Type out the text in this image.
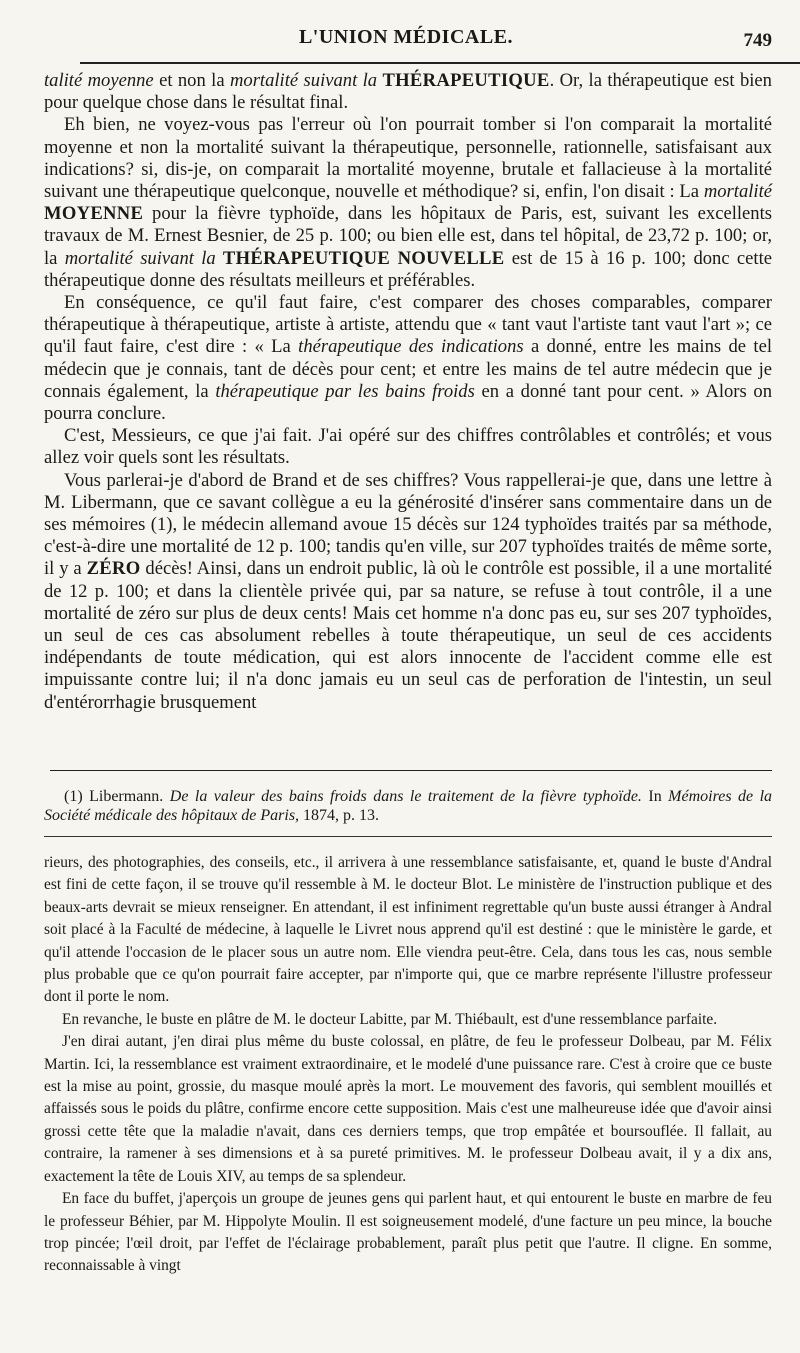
L'UNION MÉDICALE.	749

talité moyenne et non la mortalité suivant la THÉRAPEUTIQUE. Or, la thérapeutique est bien pour quelque chose dans le résultat final.

Eh bien, ne voyez-vous pas l'erreur où l'on pourrait tomber si l'on comparait la mortalité moyenne et non la mortalité suivant la thérapeutique, personnelle, rationnelle, satisfaisant aux indications? si, dis-je, on comparait la mortalité moyenne, brutale et fallacieuse à la mortalité suivant une thérapeutique quelconque, nouvelle et méthodique? si, enfin, l'on disait : La mortalité MOYENNE pour la fièvre typhoïde, dans les hôpitaux de Paris, est, suivant les excellents travaux de M. Ernest Besnier, de 25 p. 100; ou bien elle est, dans tel hôpital, de 23,72 p. 100; or, la mortalité suivant la THÉRAPEUTIQUE NOUVELLE est de 15 à 16 p. 100; donc cette thérapeutique donne des résultats meilleurs et préférables.

En conséquence, ce qu'il faut faire, c'est comparer des choses comparables, comparer thérapeutique à thérapeutique, artiste à artiste, attendu que « tant vaut l'artiste tant vaut l'art »; ce qu'il faut faire, c'est dire : « La thérapeutique des indications a donné, entre les mains de tel médecin que je connais, tant de décès pour cent; et entre les mains de tel autre médecin que je connais également, la thérapeutique par les bains froids en a donné tant pour cent. » Alors on pourra conclure.

C'est, Messieurs, ce que j'ai fait. J'ai opéré sur des chiffres contrôlables et contrôlés; et vous allez voir quels sont les résultats.

Vous parlerai-je d'abord de Brand et de ses chiffres? Vous rappellerai-je que, dans une lettre à M. Libermann, que ce savant collègue a eu la générosité d'insérer sans commentaire dans un de ses mémoires (1), le médecin allemand avoue 15 décès sur 124 typhoïdes traités par sa méthode, c'est-à-dire une mortalité de 12 p. 100; tandis qu'en ville, sur 207 typhoïdes traités de même sorte, il y a ZÉRO décès! Ainsi, dans un endroit public, là où le contrôle est possible, il a une mortalité de 12 p. 100; et dans la clientèle privée qui, par sa nature, se refuse à tout contrôle, il a une mortalité de zéro sur plus de deux cents! Mais cet homme n'a donc pas eu, sur ses 207 typhoïdes, un seul de ces cas absolument rebelles à toute thérapeutique, un seul de ces accidents indépendants de toute médication, qui est alors innocente de l'accident comme elle est impuissante contre lui; il n'a donc jamais eu un seul cas de perforation de l'intestin, un seul d'entérorrhagie brusquement

(1) Libermann. De la valeur des bains froids dans le traitement de la fièvre typhoïde. In Mémoires de la Société médicale des hôpitaux de Paris, 1874, p. 13.

rieurs, des photographies, des conseils, etc., il arrivera à une ressemblance satisfaisante, et, quand le buste d'Andral est fini de cette façon, il se trouve qu'il ressemble à M. le docteur Blot. Le ministère de l'instruction publique et des beaux-arts devrait se mieux renseigner. En attendant, il est infiniment regrettable qu'un buste aussi étranger à Andral soit placé à la Faculté de médecine, à laquelle le Livret nous apprend qu'il est destiné : que le ministère le garde, et qu'il attende l'occasion de le placer sous un autre nom. Elle viendra peut-être. Cela, dans tous les cas, nous semble plus probable que ce qu'on pourrait faire accepter, par n'importe qui, que ce marbre représente l'illustre professeur dont il porte le nom.

En revanche, le buste en plâtre de M. le docteur Labitte, par M. Thiébault, est d'une ressemblance parfaite.

J'en dirai autant, j'en dirai plus même du buste colossal, en plâtre, de feu le professeur Dolbeau, par M. Félix Martin. Ici, la ressemblance est vraiment extraordinaire, et le modelé d'une puissance rare. C'est à croire que ce buste est la mise au point, grossie, du masque moulé après la mort. Le mouvement des favoris, qui semblent mouillés et affaissés sous le poids du plâtre, confirme encore cette supposition. Mais c'est une malheureuse idée que d'avoir ainsi grossi cette tête que la maladie n'avait, dans ces derniers temps, que trop empâtée et boursouflée. Il fallait, au contraire, la ramener à ses dimensions et à sa pureté primitives. M. le professeur Dolbeau avait, il y a dix ans, exactement la tête de Louis XIV, au temps de sa splendeur.

En face du buffet, j'aperçois un groupe de jeunes gens qui parlent haut, et qui entourent le buste en marbre de feu le professeur Béhier, par M. Hippolyte Moulin. Il est soigneusement modelé, d'une facture un peu mince, la bouche trop pincée; l'œil droit, par l'effet de l'éclairage probablement, paraît plus petit que l'autre. Il cligne. En somme, reconnaissable à vingt
